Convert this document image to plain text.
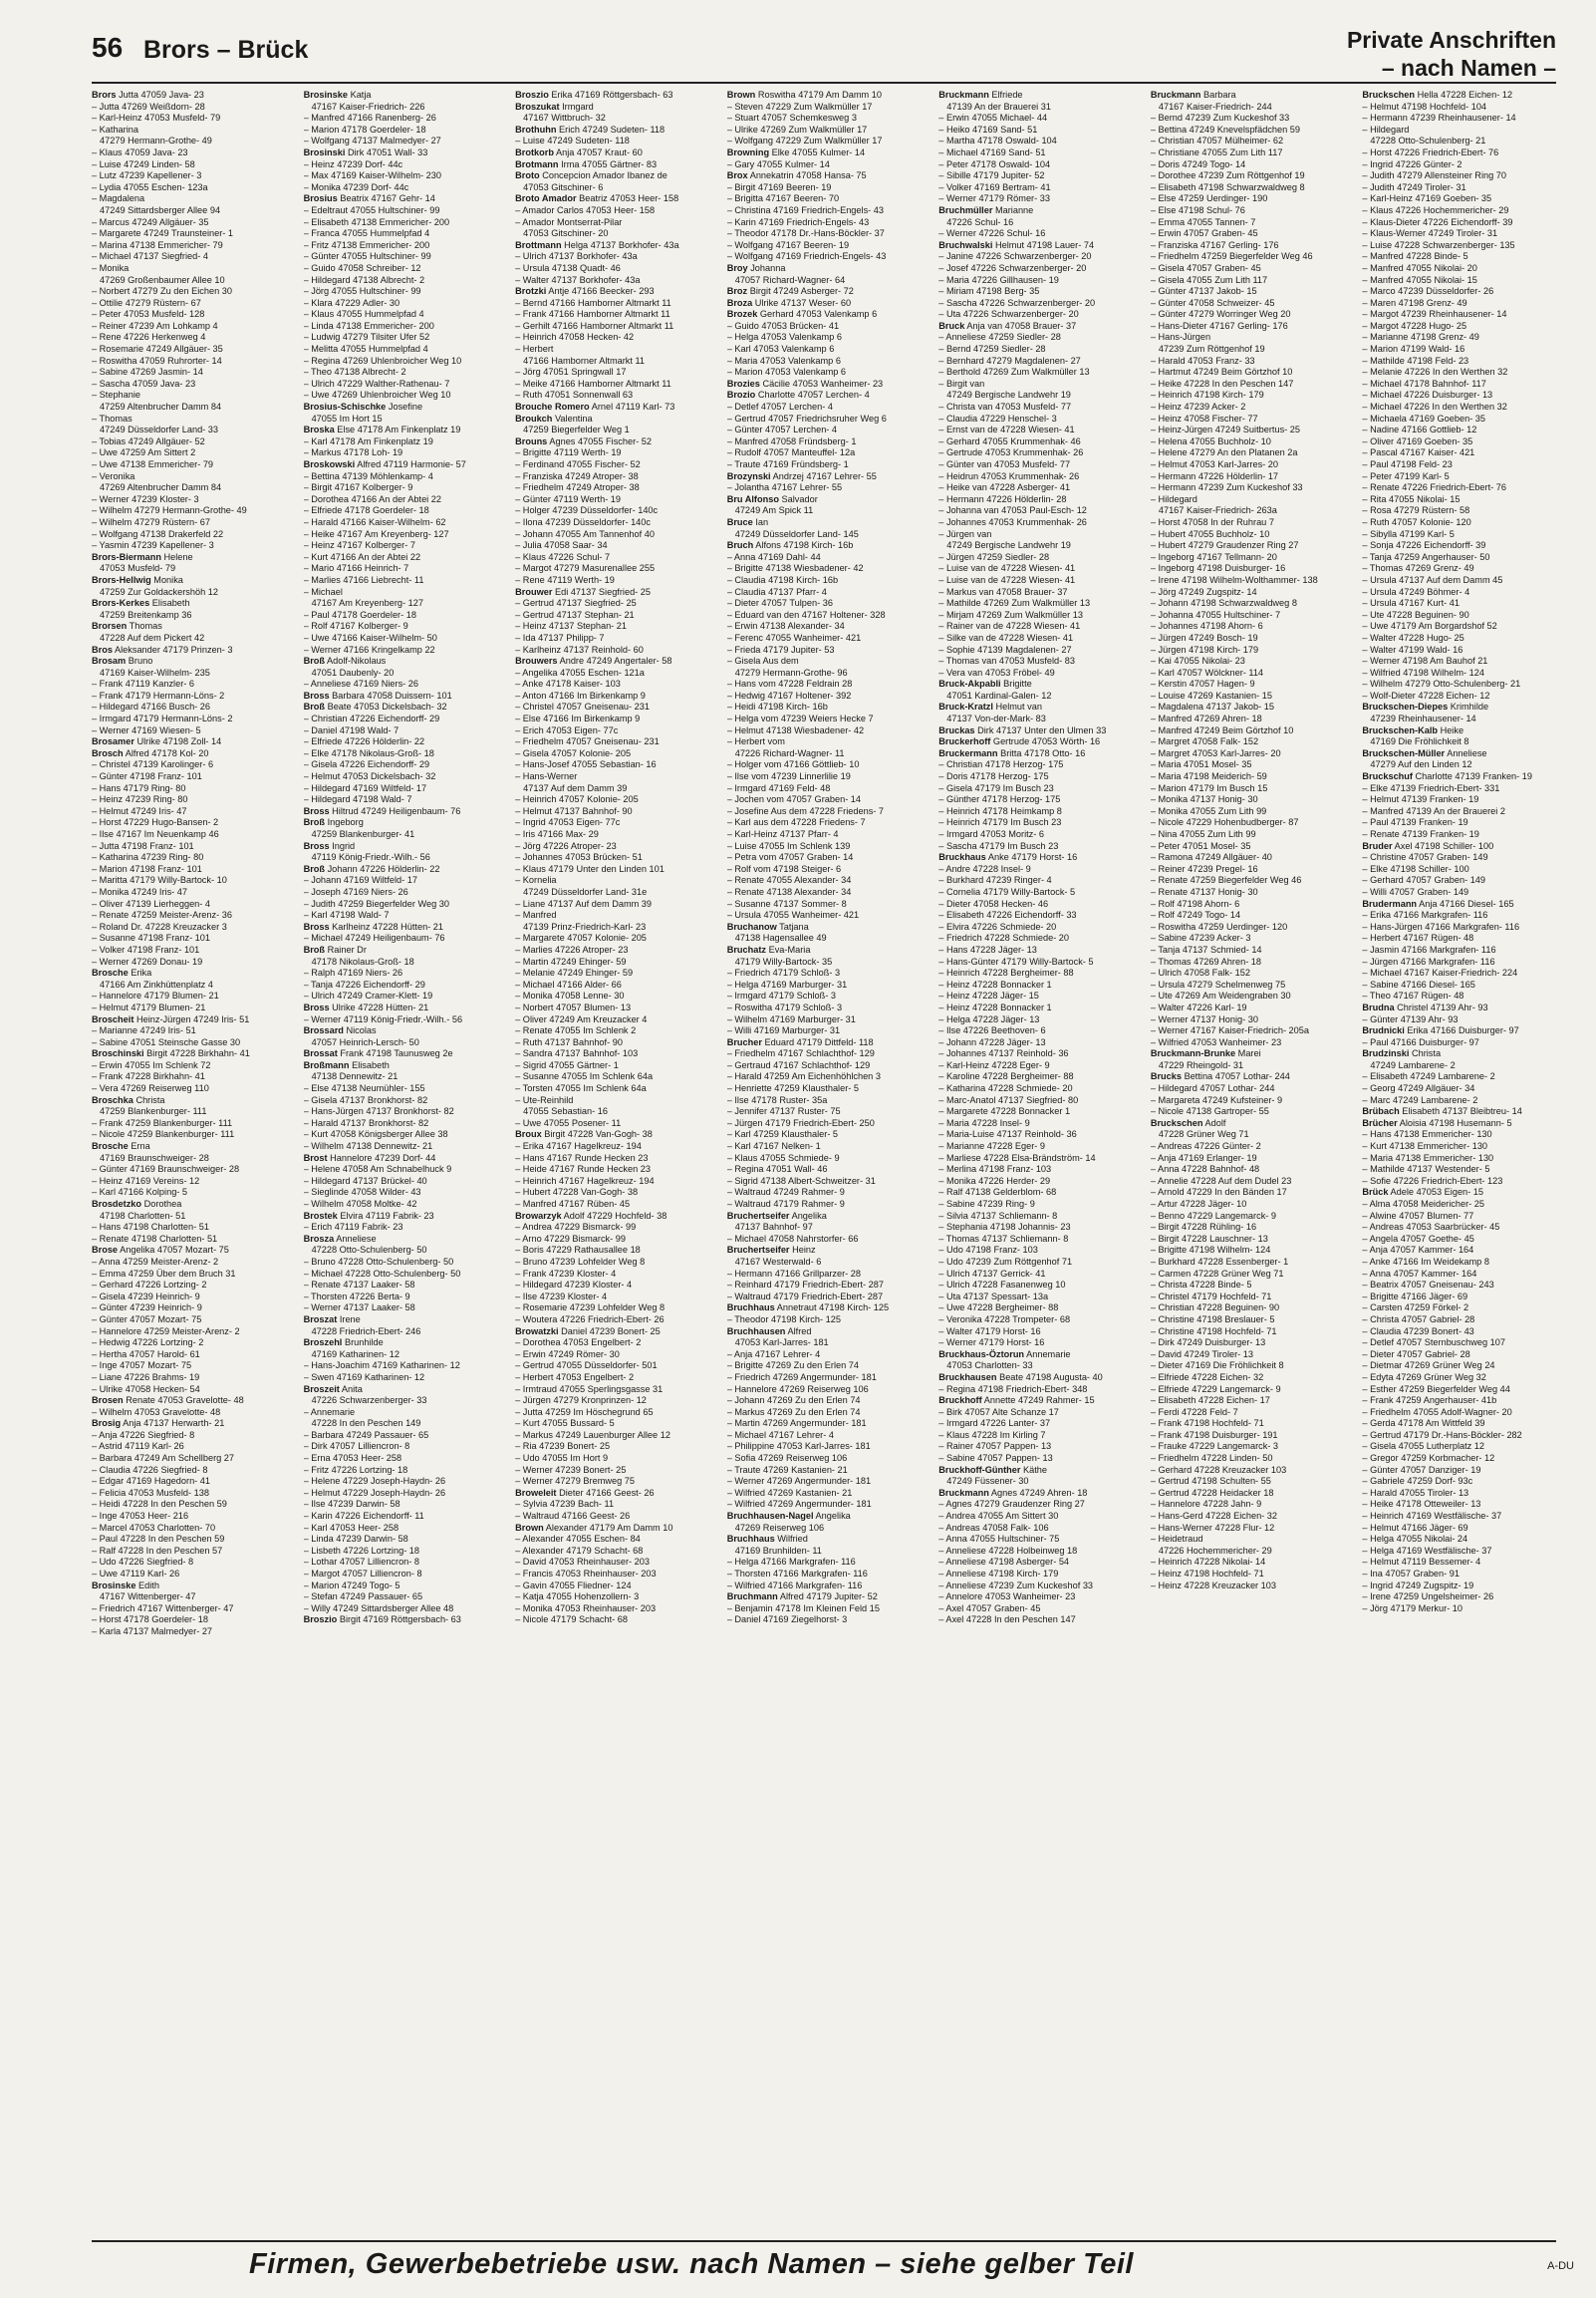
56 Brors – Brück	Private Anschriften
– nach Namen –
Brors Jutta 47059 Java- 23
– Jutta 47269 Weißdorn- 28
– Karl-Heinz 47053 Musfeld- 79
– Katharina
47279 Hermann-Grothe- 49
– Klaus 47059 Java- 23
– Luise 47249 Linden- 58
– Lutz 47239 Kapellener- 3
– Lydia 47055 Eschen- 123a
– Magdalena
47249 Sittardsberger Allee 94
– Marcus 47249 Allgäuer- 35
– Margarete 47249 Traunsteiner- 1
– Marina 47138 Emmericher- 79
– Michael 47137 Siegfried- 4
– Monika
47269 Großenbaumer Allee 10
– Norbert 47279 Zu den Eichen 30
– Ottilie 47279 Rüstern- 67
– Peter 47053 Musfeld- 128
– Reiner 47239 Am Lohkamp 4
– Rene 47226 Herkenweg 4
– Rosemarie 47249 Allgäuer- 35
– Roswitha 47059 Ruhrorter- 14
– Sabine 47269 Jasmin- 14
– Sascha 47059 Java- 23
– Stephanie
47259 Altenbrucher Damm 84
– Thomas
47249 Düsseldorfer Land- 33
– Tobias 47249 Allgäuer- 52
– Uwe 47259 Am Sittert 2
– Uwe 47138 Emmericher- 79
– Veronika
47269 Altenbrucher Damm 84
– Werner 47239 Kloster- 3
– Wilhelm 47279 Hermann-Grothe- 49
– Wilhelm 47279 Rüstern- 67
– Wolfgang 47138 Drakerfeld 22
– Yasmin 47239 Kapellener- 3
Brors-Biermann Helene
47053 Musfeld- 79
Brors-Hellwig Monika
47259 Zur Goldackershöh 12
Brors-Kerkes Elisabeth
47259 Breitenkamp 36
Brorsen Thomas
47228 Auf dem Pickert 42
Bros Aleksander 47179 Prinzen- 3
Brosam Bruno
47169 Kaiser-Wilhelm- 235
– Frank 47119 Kanzler- 6
– Frank 47179 Hermann-Löns- 2
– Hildegard 47166 Busch- 26
– Irmgard 47179 Hermann-Löns- 2
– Werner 47169 Wiesen- 5
Brosamer Ulrike 47198 Zoll- 14
Brosch Alfred 47178 Kol- 20
– Christel 47139 Karolinger- 6
– Günter 47198 Franz- 101
– Hans 47179 Ring- 80
– Heinz 47239 Ring- 80
– Helmut 47249 Iris- 47
– Horst 47229 Hugo-Bansen- 2
– Ilse 47167 Im Neuenkamp 46
– Jutta 47198 Franz- 101
– Katharina 47239 Ring- 80
– Marion 47198 Franz- 101
– Maritta 47179 Willy-Bartock- 10
– Monika 47249 Iris- 47
– Oliver 47139 Lierheggen- 4
– Renate 47259 Meister-Arenz- 36
– Roland Dr. 47228 Kreuzacker 3
– Susanne 47198 Franz- 101
– Volker 47198 Franz- 101
– Werner 47269 Donau- 19
Brosche Erika
47166 Am Zinkhüttenplatz 4
– Hannelore 47179 Blumen- 21
– Helmut 47179 Blumen- 21
Broscheit Heinz-Jürgen 47249 Iris- 51
– Marianne 47249 Iris- 51
– Sabine 47051 Steinsche Gasse 30
Broschinski Birgit 47228 Birkhahn- 41
– Erwin 47055 Im Schlenk 72
– Frank 47228 Birkhahn- 41
– Vera 47269 Reiserweg 110
Broschka Christa
47259 Blankenburger- 111
– Frank 47259 Blankenburger- 111
– Nicole 47259 Blankenburger- 111
Brosche Erna
47169 Braunschweiger- 28
– Günter 47169 Braunschweiger- 28
– Heinz 47169 Vereins- 12
– Karl 47166 Kolping- 5
Brosdetzko Dorothea
47198 Charlotten- 51
– Hans 47198 Charlotten- 51
– Renate 47198 Charlotten- 51
Brose Angelika 47057 Mozart- 75
– Anna 47259 Meister-Arenz- 2
– Emma 47259 Über dem Bruch 31
– Gerhard 47226 Lortzing- 2
– Gisela 47239 Heinrich- 9
– Günter 47239 Heinrich- 9
– Günter 47057 Mozart- 75
– Hannelore 47259 Meister-Arenz- 2
– Hedwig 47226 Lortzing- 2
– Hertha 47057 Harold- 61
– Inge 47057 Mozart- 75
– Liane 47226 Brahms- 19
– Ulrike 47058 Hecken- 54
Brosen Renate 47053 Gravelotte- 48
– Wilhelm 47053 Gravelotte- 48
Brosig Anja 47137 Herwarth- 21
– Anja 47226 Siegfried- 8
– Astrid 47119 Karl- 26
– Barbara 47249 Am Schellberg 27
– Claudia 47226 Siegfried- 8
– Edgar 47169 Hagedorn- 41
– Felicia 47053 Musfeld- 138
– Heidi 47228 In den Peschen 59
– Inge 47053 Heer- 216
– Marcel 47053 Charlotten- 70
– Paul 47228 In den Peschen 59
– Ralf 47228 In den Peschen 57
– Udo 47226 Siegfried- 8
– Uwe 47119 Karl- 26
Brosinske Edith
47167 Wittenberger- 47
– Friedrich 47167 Wittenberger- 47
– Horst 47178 Goerdeler- 18
– Karla 47137 Malmedyer- 27
Brosinske Katja
47167 Kaiser-Friedrich- 226
– Manfred 47166 Ranenberg- 26
– Marion 47178 Goerdeler- 18
– Wolfgang 47137 Malmedyer- 27
Brosinski Dirk 47051 Wall- 33
– Heinz 47239 Dorf- 44c
– Max 47169 Kaiser-Wilhelm- 230
– Monika 47239 Dorf- 44c
Brosius Beatrix 47167 Gehr- 14
– Edeltraut 47055 Hultschiner- 99
– Elisabeth 47138 Emmericher- 200
– Franca 47055 Hummelpfad 4
– Fritz 47138 Emmericher- 200
– Günter 47055 Hultschiner- 99
– Guido 47058 Schreiber- 12
– Hildegard 47138 Albrecht- 2
– Jörg 47055 Hultschiner- 99
– Klara 47229 Adler- 30
– Klaus 47055 Hummelpfad 4
– Linda 47138 Emmericher- 200
– Ludwig 47279 Tilsiter Ufer 52
– Melitta 47055 Hummelpfad 4
– Regina 47269 Uhlenbroicher Weg 10
– Theo 47138 Albrecht- 2
– Ulrich 47229 Walther-Rathenau- 7
– Uwe 47269 Uhlenbroicher Weg 10
Brosius-Schischke Josefine
47055 Im Hort 15
Broska Else 47178 Am Finkenplatz 19
– Karl 47178 Am Finkenplatz 19
– Markus 47178 Loh- 19
Broskowski Alfred 47119 Harmonie- 57
– Bettina 47139 Möhlenkamp- 4
– Birgit 47167 Kolberger- 9
– Dorothea 47166 An der Abtei 22
– Elfriede 47178 Goerdeler- 18
– Harald 47166 Kaiser-Wilhelm- 62
– Heike 47167 Am Kreyenberg- 127
– Heinz 47167 Kolberger- 7
– Kurt 47166 An der Abtei 22
– Mario 47166 Heinrich- 7
– Marlies 47166 Liebrecht- 11
– Michael
47167 Am Kreyenberg- 127
– Paul 47178 Goerdeler- 18
– Rolf 47167 Kolberger- 9
– Uwe 47166 Kaiser-Wilhelm- 50
– Werner 47166 Kringelkamp 22
Broß Adolf-Nikolaus
47051 Daubenly- 20
– Anneliese 47169 Niers- 26
Bross Barbara 47058 Duissern- 101
Broß Beate 47053 Dickelsbach- 32
– Christian 47226 Eichendorff- 29
– Daniel 47198 Wald- 7
– Elfriede 47226 Hölderlin- 22
– Elke 47178 Nikolaus-Groß- 18
– Gisela 47226 Eichendorff- 29
– Helmut 47053 Dickelsbach- 32
– Hildegard 47169 Wiltfeld- 17
– Hildegard 47198 Wald- 7
Bross Hiltrud 47249 Heiligenbaum- 76
Broß Ingeborg
47259 Blankenburger- 41
Bross Ingrid
47119 König-Friedr.-Wilh.- 56
Broß Johann 47226 Hölderlin- 22
– Johann 47169 Wiltfeld- 17
– Joseph 47169 Niers- 26
– Judith 47259 Biegerfelder Weg 30
– Karl 47198 Wald- 7
Bross Karlheinz 47228 Hütten- 21
– Michael 47249 Heiligenbaum- 76
Broß Rainer Dr
47178 Nikolaus-Groß- 18
– Ralph 47169 Niers- 26
– Tanja 47226 Eichendorff- 29
– Ulrich 47249 Cramer-Klett- 19
Bross Ulrike 47228 Hütten- 21
– Werner 47119 König-Friedr.-Wilh.- 56
Brossard Nicolas
47057 Heinrich-Lersch- 50
Brossat Frank 47198 Taunusweg 2e
Broßmann Elisabeth
47138 Dennewitz- 21
– Else 47138 Neumühler- 155
– Gisela 47137 Bronkhorst- 82
– Hans-Jürgen 47137 Bronkhorst- 82
– Harald 47137 Bronkhorst- 82
– Kurt 47058 Königsberger Allee 38
– Wilhelm 47138 Dennewitz- 21
Brost Hannelore 47239 Dorf- 44
– Helene 47058 Am Schnabelhuck 9
– Hildegard 47137 Brückel- 40
– Sieglinde 47058 Wilder- 43
– Wilhelm 47058 Moltke- 42
Brostek Elvira 47119 Fabrik- 23
– Erich 47119 Fabrik- 23
Brosza Anneliese
47228 Otto-Schulenberg- 50
– Bruno 47228 Otto-Schulenberg- 50
– Michael 47228 Otto-Schulenberg- 50
– Renate 47137 Laaker- 58
– Thorsten 47226 Berta- 9
– Werner 47137 Laaker- 58
Broszat Irene
47228 Friedrich-Ebert- 246
Broszehl Brunhilde
47169 Katharinen- 12
– Hans-Joachim 47169 Katharinen- 12
– Swen 47169 Katharinen- 12
Broszeit Anita
47226 Schwarzenberger- 33
– Annemarie
47228 In den Peschen 149
– Barbara 47249 Passauer- 65
– Dirk 47057 Lilliencron- 8
– Erna 47053 Heer- 258
– Fritz 47226 Lortzing- 18
– Helene 47229 Joseph-Haydn- 26
– Helmut 47229 Joseph-Haydn- 26
– Ilse 47239 Darwin- 58
– Karin 47226 Eichendorff- 11
– Karl 47053 Heer- 258
– Linda 47239 Darwin- 58
– Lisbeth 47226 Lortzing- 18
– Lothar 47057 Lilliencron- 8
– Margot 47057 Lilliencron- 8
– Marion 47249 Togo- 5
– Stefan 47249 Passauer- 65
– Willy 47249 Sittardsberger Allee 48
Broszio Birgit 47169 Röttgersbach- 63
Broszio Erika 47169 Röttgersbach- 63
Broszukat Irmgard
47167 Wittbruch- 32
Brothuhn Erich 47249 Sudeten- 118
– Luise 47249 Sudeten- 118
Brotkorb Anja 47057 Kraut- 60
Brotmann Irma 47055 Gärtner- 83
Broto Concepcion Amador Ibanez de
47053 Gitschiner- 6
Broto Amador Beatriz 47053 Heer- 158
– Amador Carlos 47053 Heer- 158
– Amador Montserrat-Pilar
47053 Gitschiner- 20
Brottmann Helga 47137 Borkhofer- 43a
– Ulrich 47137 Borkhofer- 43a
– Ursula 47138 Quadt- 46
– Walter 47137 Borkhofer- 43a
Brotzki Antje 47166 Beecker- 293
– Bernd 47166 Hamborner Altmarkt 11
– Frank 47166 Hamborner Altmarkt 11
– Gerhilt 47166 Hamborner Altmarkt 11
– Heinrich 47058 Hecken- 42
– Herbert
47166 Hamborner Altmarkt 11
– Jörg 47051 Springwall 17
– Meike 47166 Hamborner Altmarkt 11
– Ruth 47051 Sonnenwall 63
Brouche Romero Arnel 47119 Karl- 73
Broukch Valentina
47259 Biegerfelder Weg 1
Brouns Agnes 47055 Fischer- 52
– Brigitte 47119 Werth- 19
– Ferdinand 47055 Fischer- 52
– Franziska 47249 Atroper- 38
– Friedhelm 47249 Atroper- 38
– Günter 47119 Werth- 19
– Holger 47239 Düsseldorfer- 140c
– Ilona 47239 Düsseldorfer- 140c
– Johann 47055 Am Tannenhof 40
– Julia 47058 Saar- 34
– Klaus 47226 Schul- 7
– Margot 47279 Masurenallee 255
– Rene 47119 Werth- 19
Brouwer Edi 47137 Siegfried- 25
– Gertrud 47137 Siegfried- 25
– Gertrud 47137 Stephan- 21
– Heinz 47137 Stephan- 21
– Ida 47137 Philipp- 7
– Karlheinz 47137 Reinhold- 60
Brouwers Andre 47249 Angertaler- 58
– Angelika 47055 Eschen- 121a
– Anke 47178 Kaiser- 103
– Anton 47166 Im Birkenkamp 9
– Christel 47057 Gneisenau- 231
– Else 47166 Im Birkenkamp 9
– Erich 47053 Eigen- 77c
– Friedhelm 47057 Gneisenau- 231
– Gisela 47057 Kolonie- 205
– Hans-Josef 47055 Sebastian- 16
– Hans-Werner
47137 Auf dem Damm 39
– Heinrich 47057 Kolonie- 205
– Helmut 47137 Bahnhof- 90
– Ingrid 47053 Eigen- 77c
– Iris 47166 Max- 29
– Jörg 47226 Atroper- 23
– Johannes 47053 Brücken- 51
– Klaus 47179 Unter den Linden 101
– Kornelia
47249 Düsseldorfer Land- 31e
– Liane 47137 Auf dem Damm 39
– Manfred
47139 Prinz-Friedrich-Karl- 23
– Margarete 47057 Kolonie- 205
– Marlies 47226 Atroper- 23
– Martin 47249 Ehinger- 59
– Melanie 47249 Ehinger- 59
– Michael 47166 Alder- 66
– Monika 47058 Lenne- 30
– Norbert 47057 Blumen- 13
– Oliver 47249 Am Kreuzacker 4
– Renate 47055 Im Schlenk 2
– Ruth 47137 Bahnhof- 90
– Sandra 47137 Bahnhof- 103
– Sigrid 47055 Gärtner- 1
– Susanne 47055 Im Schlenk 64a
– Torsten 47055 Im Schlenk 64a
– Ute-Reinhild
47055 Sebastian- 16
– Uwe 47055 Posener- 11
Broux Birgit 47228 Van-Gogh- 38
– Erika 47167 Hagelkreuz- 194
– Hans 47167 Runde Hecken 23
– Heide 47167 Runde Hecken 23
– Heinrich 47167 Hagelkreuz- 194
– Hubert 47228 Van-Gogh- 38
– Manfred 47167 Rüben- 45
Browarzyk Adolf 47229 Hochfeld- 38
– Andrea 47229 Bismarck- 99
– Arno 47229 Bismarck- 99
– Boris 47229 Rathausallee 18
– Bruno 47239 Lohfelder Weg 8
– Frank 47239 Kloster- 4
– Hildegard 47239 Kloster- 4
– Ilse 47239 Kloster- 4
– Rosemarie 47239 Lohfelder Weg 8
– Woutera 47226 Friedrich-Ebert- 26
Browatzki Daniel 47239 Bonert- 25
– Dorothea 47053 Engelbert- 2
– Erwin 47249 Römer- 30
– Gertrud 47055 Düsseldorfer- 501
– Herbert 47053 Engelbert- 2
– Irmtraud 47055 Sperlingsgasse 31
– Jürgen 47279 Kronprinzen- 12
– Jutta 47259 Im Höschegrund 65
– Kurt 47055 Bussard- 5
– Markus 47249 Lauenburger Allee 12
– Ria 47239 Bonert- 25
– Udo 47055 Im Hort 9
– Werner 47239 Bonert- 25
– Werner 47279 Bremweg 75
Broweleit Dieter 47166 Geest- 26
– Sylvia 47239 Bach- 11
– Waltraud 47166 Geest- 26
Brown Alexander 47179 Am Damm 10
– Alexander 47055 Eschen- 84
– Alexander 47179 Schacht- 68
– David 47053 Rheinhauser- 203
– Francis 47053 Rheinhauser- 203
– Gavin 47055 Fliedner- 124
– Katja 47055 Hohenzollern- 3
– Monika 47053 Rheinhauser- 203
– Nicole 47179 Schacht- 68
Brown Roswitha 47179 Am Damm 10
– Steven 47229 Zum Walkmüller 17
– Stuart 47057 Schemkesweg 3
– Ulrike 47269 Zum Walkmüller 17
– Wolfgang 47229 Zum Walkmüller 17
Browning Elke 47055 Kulmer- 14
– Gary 47055 Kulmer- 14
Brox Annekatrin 47058 Hansa- 75
– Birgit 47169 Beeren- 19
– Brigitta 47167 Beeren- 70
– Christina 47169 Friedrich-Engels- 43
– Karin 47169 Friedrich-Engels- 43
– Theodor 47178 Dr.-Hans-Böckler- 37
– Wolfgang 47167 Beeren- 19
– Wolfgang 47169 Friedrich-Engels- 43
Broy Johanna
47057 Richard-Wagner- 64
Broz Birgit 47249 Asberger- 72
Broza Ulrike 47137 Weser- 60
Brozek Gerhard 47053 Valenkamp 6
– Guido 47053 Brücken- 41
– Helga 47053 Valenkamp 6
– Karl 47053 Valenkamp 6
– Maria 47053 Valenkamp 6
– Marion 47053 Valenkamp 6
Brozies Cäcilie 47053 Wanheimer- 23
Brozio Charlotte 47057 Lerchen- 4
– Detlef 47057 Lerchen- 4
– Gertrud 47057 Friedrichsruher Weg 6
– Günter 47057 Lerchen- 4
– Manfred 47058 Fründsberg- 1
– Rudolf 47057 Manteuffel- 12a
– Traute 47169 Fründsberg- 1
Brozynski Andrzej 47167 Lehrer- 55
– Jolantha 47167 Lehrer- 55
Bru Alfonso Salvador
47249 Am Spick 11
Bruce Ian
47249 Düsseldorfer Land- 145
Bruch Alfons 47198 Kirch- 16b
– Anna 47169 Dahl- 44
– Brigitte 47138 Wiesbadener- 42
– Claudia 47198 Kirch- 16b
– Claudia 47137 Pfarr- 4
– Dieter 47057 Tulpen- 36
– Eduard van den 47167 Holtener- 328
– Erwin 47138 Alexander- 34
– Ferenc 47055 Wanheimer- 421
– Frieda 47179 Jupiter- 53
– Gisela Aus dem
47279 Hermann-Grothe- 96
– Hans vom 47228 Feldrain 28
– Hedwig 47167 Holtener- 392
– Heidi 47198 Kirch- 16b
– Helga vom 47239 Weiers Hecke 7
– Helmut 47138 Wiesbadener- 42
– Herbert vom
47226 Richard-Wagner- 11
– Holger vom 47166 Göttlieb- 10
– Ilse vom 47239 Linnerlilie 19
– Irmgard 47169 Feld- 48
– Jochen vom 47057 Graben- 14
– Josefine Aus dem 47228 Friedens- 7
– Karl aus dem 47228 Friedens- 7
– Karl-Heinz 47137 Pfarr- 4
– Luise 47055 Im Schlenk 139
– Petra vom 47057 Graben- 14
– Rolf vom 47198 Steiger- 6
– Renate 47055 Alexander- 34
– Renate 47138 Alexander- 34
– Susanne 47137 Sommer- 8
– Ursula 47055 Wanheimer- 421
Bruchanow Tatjana
47138 Hagensallee 49
Bruchatz Eva-Maria
47179 Willy-Bartock- 35
– Friedrich 47179 Schloß- 3
– Helga 47169 Marburger- 31
– Irmgard 47179 Schloß- 3
– Roswitha 47179 Schloß- 3
– Wilhelm 47169 Marburger- 31
– Willi 47169 Marburger- 31
Brucher Eduard 47179 Dittfeld- 118
– Friedhelm 47167 Schlachthof- 129
– Gertraud 47167 Schlachthof- 129
– Harald 47259 Am Eichenhöhlchen 3
– Henriette 47259 Klausthaler- 5
– Ilse 47178 Ruster- 35a
– Jennifer 47137 Ruster- 75
– Jürgen 47179 Friedrich-Ebert- 250
– Karl 47259 Klausthaler- 5
– Karl 47167 Nelken- 1
– Klaus 47055 Schmiede- 9
– Regina 47051 Wall- 46
– Sigrid 47138 Albert-Schweitzer- 31
– Waltraud 47249 Rahmer- 9
– Waltraud 47179 Rahmer- 9
Bruchertseifer Angelika
47137 Bahnhof- 97
– Michael 47058 Nahrstorfer- 66
Bruchertseifer Heinz
47167 Westerwald- 6
– Hermann 47166 Grillparzer- 28
– Reinhard 47179 Friedrich-Ebert- 287
– Waltraud 47179 Friedrich-Ebert- 287
Bruchhaus Annetraut 47198 Kirch- 125
– Theodor 47198 Kirch- 125
Bruchhausen Alfred
47053 Karl-Jarres- 181
– Anja 47167 Lehrer- 4
– Brigitte 47269 Zu den Erlen 74
– Friedrich 47269 Angermunder- 181
– Hannelore 47269 Reiserweg 106
– Johann 47269 Zu den Erlen 74
– Markus 47269 Zu den Erlen 74
– Martin 47269 Angermunder- 181
– Michael 47167 Lehrer- 4
– Philippine 47053 Karl-Jarres- 181
– Sofia 47269 Reiserweg 106
– Traute 47269 Kastanien- 21
– Werner 47269 Angermunder- 181
– Wilfried 47269 Kastanien- 21
– Wilfried 47269 Angermunder- 181
Bruchhausen-Nagel Angelika
47269 Reiserweg 106
Bruchhaus Wilfried
47169 Brunhilden- 11
– Helga 47166 Markgrafen- 116
– Thorsten 47166 Markgrafen- 116
– Wilfried 47166 Markgrafen- 116
Bruchmann Alfred 47179 Jupiter- 52
– Benjamin 47178 Im Kleinen Feld 15
– Daniel 47169 Ziegelhorst- 3
Bruckmann Elfriede
47139 An der Brauerei 31
– Erwin 47055 Michael- 44
– Heiko 47169 Sand- 51
– Martha 47178 Oswald- 104
– Michael 47169 Sand- 51
– Peter 47178 Oswald- 104
– Sibille 47179 Jupiter- 52
– Volker 47169 Bertram- 41
– Werner 47179 Römer- 33
Bruchmüller Marianne
47226 Schul- 16
– Werner 47226 Schul- 16
Bruchwalski Helmut 47198 Lauer- 74
– Janine 47226 Schwarzenberger- 20
– Josef 47226 Schwarzenberger- 20
– Maria 47226 Gillhausen- 19
– Miriam 47198 Berg- 35
– Sascha 47226 Schwarzenberger- 20
– Uta 47226 Schwarzenberger- 20
Bruck Anja van 47058 Brauer- 37
– Anneliese 47259 Siedler- 28
– Bernd 47259 Siedler- 28
– Bernhard 47279 Magdalenen- 27
– Berthold 47269 Zum Walkmüller 13
– Birgit van
47249 Bergische Landwehr 19
– Christa van 47053 Musfeld- 77
– Claudia 47229 Henschel- 3
– Ernst van de 47228 Wiesen- 41
– Gerhard 47055 Krummenhak- 46
– Gertrude 47053 Krummenhak- 26
– Günter van 47053 Musfeld- 77
– Heidrun 47053 Krummenhak- 26
– Heike van 47228 Asberger- 41
– Hermann 47226 Hölderlin- 28
– Johanna van 47053 Paul-Esch- 12
– Johannes 47053 Krummenhak- 26
– Jürgen van
47249 Bergische Landwehr 19
– Jürgen 47259 Siedler- 28
– Luise van de 47228 Wiesen- 41
– Luise van de 47228 Wiesen- 41
– Markus van 47058 Brauer- 37
– Mathilde 47269 Zum Walkmüller 13
– Mirjam 47269 Zum Walkmüller 13
– Rainer van de 47228 Wiesen- 41
– Silke van de 47228 Wiesen- 41
– Sophie 47139 Magdalenen- 27
– Thomas van 47053 Musfeld- 83
– Vera van 47053 Fröbel- 49
Bruck-Akpabli Brigitte
47051 Kardinal-Galen- 12
Bruck-Kratzl Helmut van
47137 Von-der-Mark- 83
Bruckas Dirk 47137 Unter den Ulmen 33
Bruckerhoff Gertrude 47053 Wörth- 16
Bruckermann Britta 47178 Otto- 16
– Christian 47178 Herzog- 175
– Doris 47178 Herzog- 175
– Gisela 47179 Im Busch 23
– Günther 47178 Herzog- 175
– Heinrich 47178 Heimkamp 8
– Heinrich 47179 Im Busch 23
– Irmgard 47053 Moritz- 6
– Sascha 47179 Im Busch 23
Bruckhaus Anke 47179 Horst- 16
– Andre 47228 Insel- 9
– Burkhard 47239 Ringer- 4
– Cornelia 47179 Willy-Bartock- 5
– Dieter 47058 Hecken- 46
– Elisabeth 47226 Eichendorff- 33
– Elvira 47226 Schmiede- 20
– Friedrich 47228 Schmiede- 20
– Hans 47228 Jäger- 13
– Hans-Günter 47179 Willy-Bartock- 5
– Heinrich 47228 Bergheimer- 88
– Heinz 47228 Bonnacker 1
– Heinz 47228 Jäger- 15
– Heinz 47228 Bonnacker 1
– Helga 47228 Jäger- 13
– Ilse 47226 Beethoven- 6
– Johann 47228 Jäger- 13
– Johannes 47137 Reinhold- 36
– Karl-Heinz 47228 Eger- 9
– Karoline 47228 Bergheimer- 88
– Katharina 47228 Schmiede- 20
– Marc-Anatol 47137 Siegfried- 80
– Margarete 47228 Bonnacker 1
– Maria 47228 Insel- 9
– Maria-Luise 47137 Reinhold- 36
– Marianne 47228 Eger- 9
– Marliese 47228 Elsa-Brändström- 14
– Merlina 47198 Franz- 103
– Monika 47226 Herder- 29
– Ralf 47138 Gelderblom- 68
– Sabine 47239 Ring- 9
– Silvia 47137 Schliemann- 8
– Stephania 47198 Johannis- 23
– Thomas 47137 Schliemann- 8
– Udo 47198 Franz- 103
– Udo 47239 Zum Röttgenhof 71
– Ulrich 47137 Gerrick- 41
– Ulrich 47228 Fasanenweg 10
– Uta 47137 Spessart- 13a
– Uwe 47228 Bergheimer- 88
– Veronika 47228 Trompeter- 68
– Walter 47179 Horst- 16
– Werner 47179 Horst- 16
Bruckhaus-Öztorun Annemarie
47053 Charlotten- 33
Bruckhausen Beate 47198 Augusta- 40
– Regina 47198 Friedrich-Ebert- 348
Bruckhoff Annette 47249 Rahmer- 15
– Birk 47057 Alte Schanze 17
– Irmgard 47226 Lanter- 37
– Klaus 47228 Im Kirling 7
– Rainer 47057 Pappen- 13
– Sabine 47057 Pappen- 13
Bruckhoff-Günther Käthe
47249 Füssener- 30
Bruckmann Agnes 47249 Ahren- 18
– Agnes 47279 Graudenzer Ring 27
– Andrea 47055 Am Sittert 30
– Andreas 47058 Falk- 106
– Anna 47055 Hultschiner- 75
– Anneliese 47228 Holbeinweg 18
– Anneliese 47198 Asberger- 54
– Anneliese 47198 Kirch- 179
– Anneliese 47239 Zum Kuckeshof 33
– Annelore 47053 Wanheimer- 23
– Axel 47057 Graben- 45
– Axel 47228 In den Peschen 147
Bruckmann Barbara
47167 Kaiser-Friedrich- 244
– Bernd 47239 Zum Kuckeshof 33
– Bettina 47249 Knevelspfädchen 59
– Christian 47057 Mülheimer- 62
– Christiane 47055 Zum Lith 117
– Doris 47249 Togo- 14
– Dorothee 47239 Zum Röttgenhof 19
– Elisabeth 47198 Schwarzwaldweg 8
– Else 47259 Uerdinger- 190
– Else 47198 Schul- 76
– Emma 47055 Tannen- 7
– Erwin 47057 Graben- 45
– Franziska 47167 Gerling- 176
– Friedhelm 47259 Biegerfelder Weg 46
– Gisela 47057 Graben- 45
– Gisela 47055 Zum Lith 117
– Günter 47137 Jakob- 15
– Günter 47058 Schweizer- 45
– Günter 47279 Worringer Weg 20
– Hans-Dieter 47167 Gerling- 176
– Hans-Jürgen
47239 Zum Röttgenhof 19
– Harald 47053 Franz- 33
– Hartmut 47249 Beim Görtzhof 10
– Heike 47228 In den Peschen 147
– Heinrich 47198 Kirch- 179
– Heinz 47239 Acker- 2
– Heinz 47058 Fischer- 77
– Heinz-Jürgen 47249 Suitbertus- 25
– Helena 47055 Buchholz- 10
– Helene 47279 An den Platanen 2a
– Helmut 47053 Karl-Jarres- 20
– Hermann 47226 Hölderlin- 17
– Hermann 47239 Zum Kuckeshof 33
– Hildegard
47167 Kaiser-Friedrich- 263a
– Horst 47058 In der Ruhrau 7
– Hubert 47055 Buchholz- 10
– Hubert 47279 Graudenzer Ring 27
– Ingeborg 47167 Tellmann- 20
– Ingeborg 47198 Duisburger- 16
– Irene 47198 Wilhelm-Wolthammer- 138
– Jörg 47249 Zugspitz- 14
– Johann 47198 Schwarzwaldweg 8
– Johanna 47055 Hultschiner- 7
– Johannes 47198 Ahorn- 6
– Jürgen 47249 Bosch- 19
– Jürgen 47198 Kirch- 179
– Kai 47055 Nikolai- 23
– Karl 47057 Wölckner- 114
– Kerstin 47057 Hagen- 9
– Louise 47269 Kastanien- 15
– Magdalena 47137 Jakob- 15
– Manfred 47269 Ahren- 18
– Manfred 47249 Beim Görtzhof 10
– Margret 47058 Falk- 152
– Margret 47053 Karl-Jarres- 20
– Maria 47051 Mosel- 35
– Maria 47198 Meiderich- 59
– Marion 47179 Im Busch 15
– Monika 47137 Honig- 30
– Monika 47055 Zum Lith 99
– Nicole 47229 Hohenbudberger- 87
– Nina 47055 Zum Lith 99
– Peter 47051 Mosel- 35
– Ramona 47249 Allgäuer- 40
– Reiner 47239 Pregel- 16
– Renate 47259 Biegerfelder Weg 46
– Renate 47137 Honig- 30
– Rolf 47198 Ahorn- 6
– Rolf 47249 Togo- 14
– Roswitha 47259 Uerdinger- 120
– Sabine 47239 Acker- 3
– Tanja 47137 Schmied- 14
– Thomas 47269 Ahren- 18
– Ulrich 47058 Falk- 152
– Ursula 47279 Schelmenweg 75
– Ute 47269 Am Weidengraben 30
– Walter 47226 Karl- 19
– Werner 47137 Honig- 30
– Werner 47167 Kaiser-Friedrich- 205a
– Wilfried 47053 Wanheimer- 23
Bruckmann-Brunke Marei
47229 Rheingold- 31
Brucks Bettina 47057 Lothar- 244
– Hildegard 47057 Lothar- 244
– Margareta 47249 Kufsteiner- 9
– Nicole 47138 Gartroper- 55
Bruckschen Adolf
47228 Grüner Weg 71
– Andreas 47226 Günter- 2
– Anja 47169 Erlanger- 19
– Anna 47228 Bahnhof- 48
– Annelie 47228 Auf dem Dudel 23
– Arnold 47229 In den Bänden 17
– Artur 47228 Jäger- 10
– Benno 47229 Langemarck- 9
– Birgit 47228 Rühling- 16
– Birgit 47228 Lauschner- 13
– Brigitte 47198 Wilhelm- 124
– Burkhard 47228 Essenberger- 1
– Carmen 47228 Grüner Weg 71
– Christa 47228 Binde- 5
– Christel 47179 Hochfeld- 71
– Christian 47228 Beguinen- 90
– Christine 47198 Breslauer- 5
– Christine 47198 Hochfeld- 71
– Dirk 47249 Duisburger- 13
– David 47249 Tiroler- 13
– Dieter 47169 Die Fröhlichkeit 8
– Elfriede 47228 Eichen- 32
– Elfriede 47229 Langemarck- 9
– Elisabeth 47228 Eichen- 17
– Ferdi 47228 Feld- 7
– Frank 47198 Hochfeld- 71
– Frank 47198 Duisburger- 191
– Frauke 47229 Langemarck- 3
– Friedhelm 47228 Linden- 50
– Gerhard 47228 Kreuzacker 103
– Gertrud 47198 Schulten- 55
– Gertrud 47228 Heidacker 18
– Hannelore 47228 Jahn- 9
– Hans-Gerd 47228 Eichen- 32
– Hans-Werner 47228 Flur- 12
– Heidetraud
47226 Hochemmericher- 29
– Heinrich 47228 Nikolai- 14
– Heinz 47198 Hochfeld- 71
– Heinz 47228 Kreuzacker 103
Bruckschen Hella 47228 Eichen- 12
– Helmut 47198 Hochfeld- 104
– Hermann 47239 Rheinhausener- 14
– Hildegard
47228 Otto-Schulenberg- 21
– Horst 47226 Friedrich-Ebert- 76
– Ingrid 47226 Günter- 2
– Judith 47279 Allensteiner Ring 70
– Judith 47249 Tiroler- 31
– Karl-Heinz 47169 Goeben- 35
– Klaus 47226 Hochemmericher- 29
– Klaus-Dieter 47226 Eichendorff- 39
– Klaus-Werner 47249 Tiroler- 31
– Luise 47228 Schwarzenberger- 135
– Manfred 47228 Binde- 5
– Manfred 47055 Nikolai- 20
– Manfred 47055 Nikolai- 15
– Marco 47239 Düsseldorfer- 26
– Maren 47198 Grenz- 49
– Margot 47239 Rheinhausener- 14
– Margot 47228 Hugo- 25
– Marianne 47198 Grenz- 49
– Marion 47199 Wald- 16
– Mathilde 47198 Feld- 23
– Melanie 47226 In den Werthen 32
– Michael 47178 Bahnhof- 117
– Michael 47226 Duisburger- 13
– Michael 47226 In den Werthen 32
– Michaela 47169 Goeben- 35
– Nadine 47166 Gottlieb- 12
– Oliver 47169 Goeben- 35
– Pascal 47167 Kaiser- 421
– Paul 47198 Feld- 23
– Peter 47199 Karl- 5
– Renate 47226 Friedrich-Ebert- 76
– Rita 47055 Nikolai- 15
– Rosa 47279 Rüstern- 58
– Ruth 47057 Kolonie- 120
– Sibylla 47199 Karl- 5
– Sonja 47226 Eichendorff- 39
– Tanja 47259 Angerhauser- 50
– Thomas 47269 Grenz- 49
– Ursula 47137 Auf dem Damm 45
– Ursula 47249 Böhmer- 4
– Ursula 47167 Kurt- 41
– Ute 47228 Beguinen- 90
– Uwe 47179 Am Borgardshof 52
– Walter 47228 Hugo- 25
– Walter 47199 Wald- 16
– Werner 47198 Am Bauhof 21
– Wilfried 47198 Wilhelm- 124
– Wilhelm 47279 Otto-Schulenberg- 21
– Wolf-Dieter 47228 Eichen- 12
Bruckschen-Diepes Krimhilde
47239 Rheinhausener- 14
Bruckschen-Kalb Heike
47169 Die Fröhlichkeit 8
Bruckschen-Müller Anneliese
47279 Auf den Linden 12
Bruckschuf Charlotte 47139 Franken- 19
– Elke 47139 Friedrich-Ebert- 331
– Helmut 47139 Franken- 19
– Manfred 47139 An der Brauerei 2
– Paul 47139 Franken- 19
– Renate 47139 Franken- 19
Bruder Axel 47198 Schiller- 100
– Christine 47057 Graben- 149
– Elke 47198 Schiller- 100
– Gerhard 47057 Graben- 149
– Willi 47057 Graben- 149
Brudermann Anja 47166 Diesel- 165
– Erika 47166 Markgrafen- 116
– Hans-Jürgen 47166 Markgrafen- 116
– Herbert 47167 Rügen- 48
– Jasmin 47166 Markgrafen- 116
– Jürgen 47166 Markgrafen- 116
– Michael 47167 Kaiser-Friedrich- 224
– Sabine 47166 Diesel- 165
– Theo 47167 Rügen- 48
Brudna Christel 47139 Ahr- 93
– Günter 47139 Ahr- 93
Brudnicki Erika 47166 Duisburger- 97
– Paul 47166 Duisburger- 97
Brudzinski Christa
47249 Lambarene- 2
– Elisabeth 47249 Lambarene- 2
– Georg 47249 Allgäuer- 34
– Marc 47249 Lambarene- 2
Brübach Elisabeth 47137 Bleibtreu- 14
Brücher Aloisia 47198 Husemann- 5
– Hans 47138 Emmericher- 130
– Kurt 47138 Emmericher- 130
– Maria 47138 Emmericher- 130
– Mathilde 47137 Westender- 5
– Sofie 47226 Friedrich-Ebert- 123
Brück Adele 47053 Eigen- 15
– Alma 47058 Meidericher- 25
– Alwine 47057 Blumen- 77
– Andreas 47053 Saarbrücker- 45
– Angela 47057 Goethe- 45
– Anja 47057 Kammer- 164
– Anke 47166 Im Weidekamp 8
– Anna 47057 Kammer- 164
– Beatrix 47057 Gneisenau- 243
– Brigitte 47166 Jäger- 69
– Carsten 47259 Förkel- 2
– Christa 47057 Gabriel- 28
– Claudia 47239 Bonert- 43
– Detlef 47057 Sternbuschweg 107
– Dieter 47057 Gabriel- 28
– Dietmar 47269 Grüner Weg 24
– Edyta 47269 Grüner Weg 32
– Esther 47259 Biegerfelder Weg 44
– Frank 47259 Angerhauser- 41b
– Friedhelm 47055 Adolf-Wagner- 20
– Gerda 47178 Am Wittfeld 39
– Gertrud 47179 Dr.-Hans-Böckler- 282
– Gisela 47055 Lutherplatz 12
– Gregor 47259 Korbmacher- 12
– Günter 47057 Danziger- 19
– Gabriele 47259 Dorf- 93c
– Harald 47055 Tiroler- 13
– Heike 47178 Otteweiler- 13
– Heinrich 47169 Westfälische- 37
– Helmut 47166 Jäger- 69
– Helga 47055 Nikolai- 24
– Helga 47169 Westfälische- 37
– Helmut 47119 Bessemer- 4
– Ina 47057 Graben- 91
– Ingrid 47249 Zugspitz- 19
– Irene 47259 Ungelsheimer- 26
– Jörg 47179 Merkur- 10
Firmen, Gewerbebetriebe usw. nach Namen – siehe gelber Teil	A-DU
